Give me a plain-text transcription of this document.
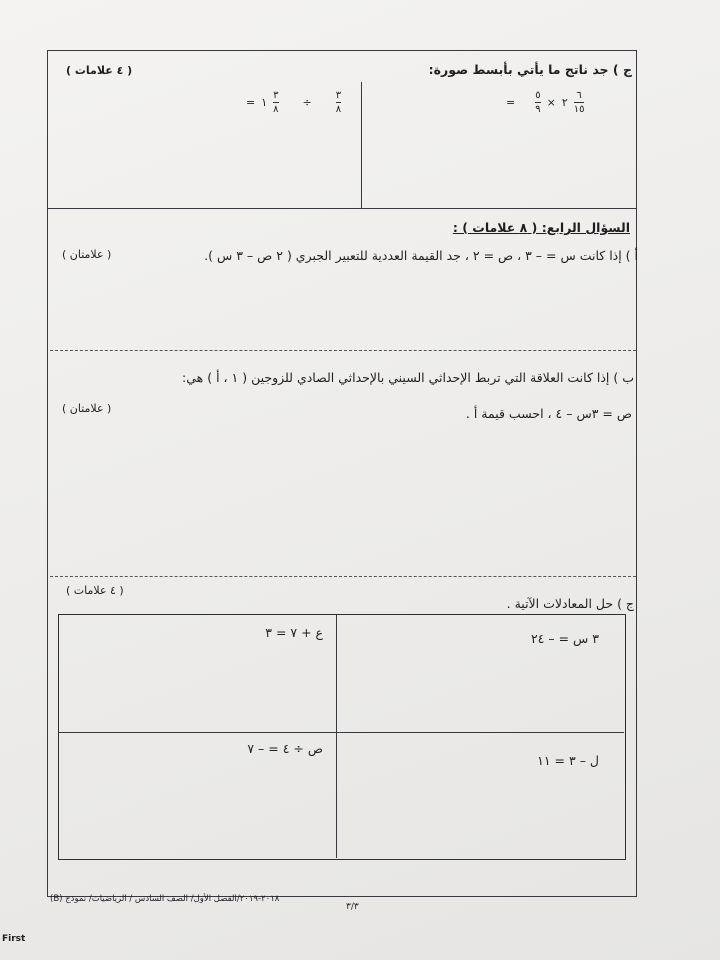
ج ) جد ناتج ما يأتي بأبسط صورة:
( ٤ علامات )
= $\frac{٥}{٩}$ × ٢ $\frac{٦}{١٥}$
= ١ $\frac{٣}{٨} \div \frac{٣}{٨}$
السؤال الرابع: ( ٨ علامات ) :
أ ) إذا كانت س = – ٣ ، ص = ٢ ، جد القيمة العددية للتعبير الجبري ( ٢ ص – ٣ س ).
( علامتان )
ب ) إذا كانت العلاقة التي تربط الإحداثي السيني بالإحداثي الصادي للزوجين ( ١ ، أ ) هي:
( علامتان )	ص = ٣س – ٤ ، احسب قيمة أ .
( ٤ علامات )
ج ) حل المعادلات الآتية .
٣ س = – ٢٤
ع + ٧ = ٣
ل – ٣ = ١١
ص ÷ ٤ = – ٧
٢٠١٨-٢٠١٩/الفصل الأول/ الصف السادس / الرياضيات/ نموذج (B)
٣/٣
First
